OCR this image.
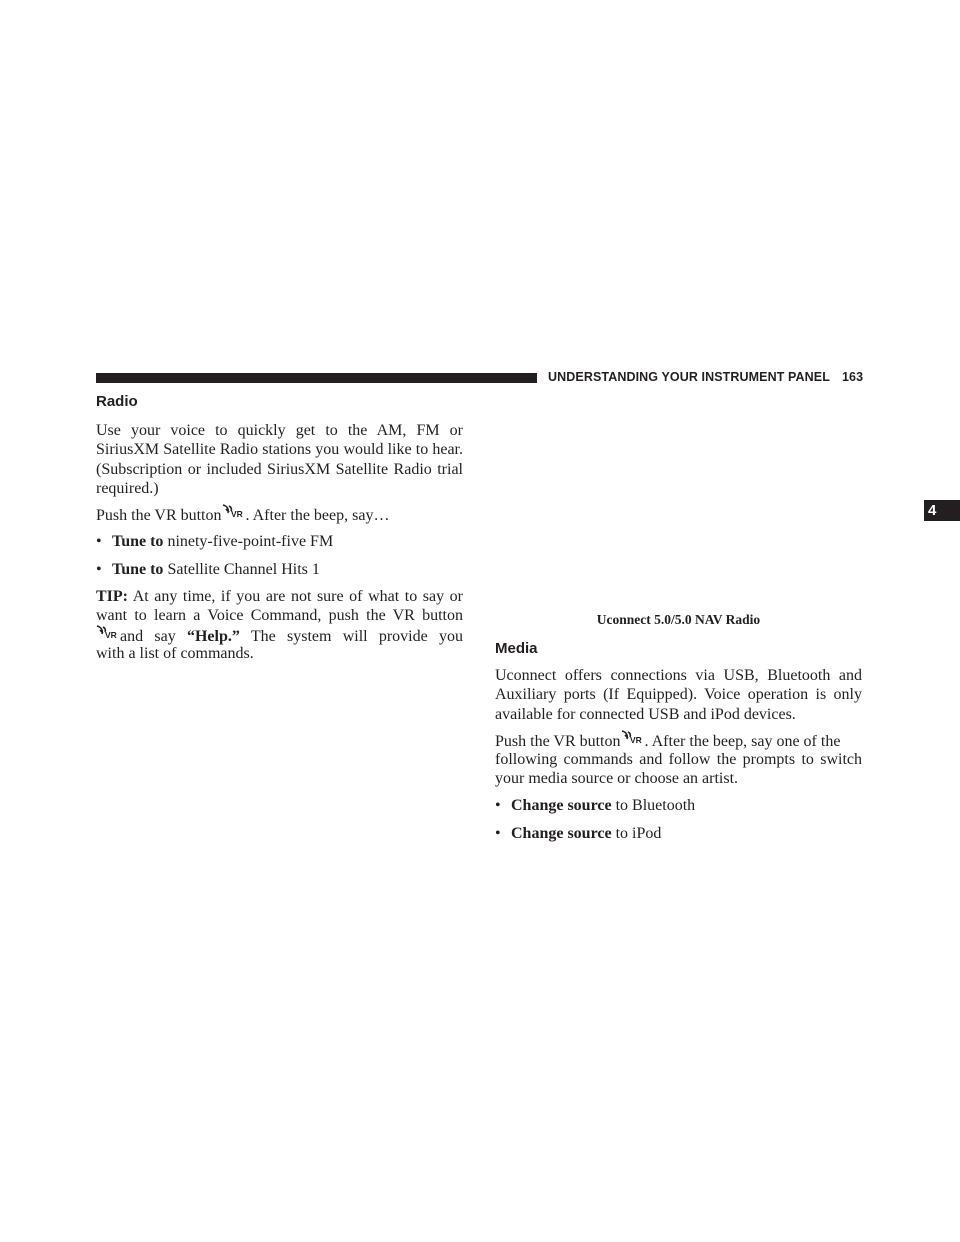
UNDERSTANDING YOUR INSTRUMENT PANEL 163
4
Radio
Use your voice to quickly get to the AM, FM or SiriusXM Satellite Radio stations you would like to hear. (Subscription or included SiriusXM Satellite Radio trial required.)
Push the VR button VR . After the beep, say…
• Tune to ninety-five-point-five FM
• Tune to Satellite Channel Hits 1
TIP: At any time, if you are not sure of what to say or
want to learn a Voice Command, push the VR button
VR and say “Help.” The system will provide you
with a list of commands.
Uconnect 5.0/5.0 NAV Radio
Media
Uconnect offers connections via USB, Bluetooth and Auxiliary ports (If Equipped). Voice operation is only available for connected USB and iPod devices.
Push the VR button VR . After the beep, say one of the
following commands and follow the prompts to switch your media source or choose an artist.
• Change source to Bluetooth
• Change source to iPod
